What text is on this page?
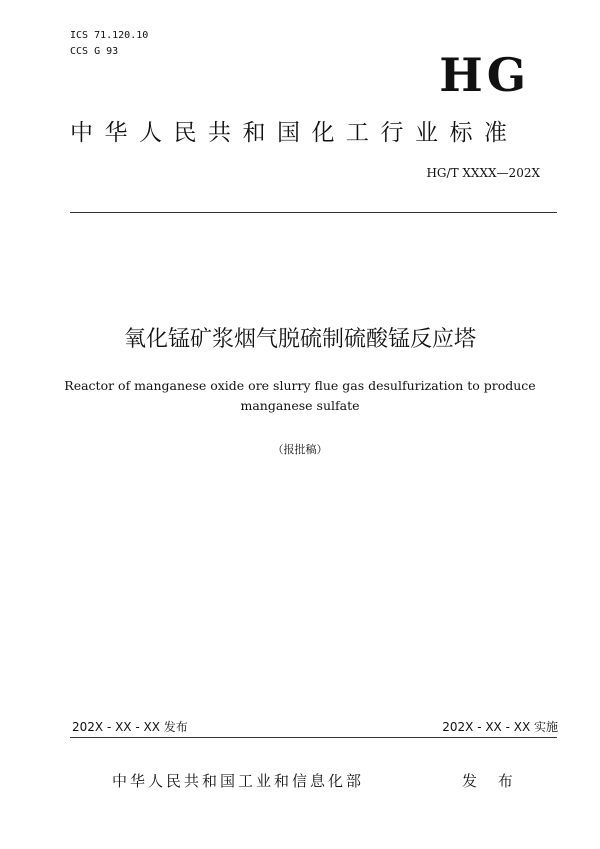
ICS 71.120.10
CCS G 93	HG
中华人民共和国化工行业标准
HG/T XXXX—202X
氧化锰矿浆烟气脱硫制硫酸锰反应塔
Reactor of manganese oxide ore slurry flue gas desulfurization to produce manganese sulfate
（报批稿）
202X - XX - XX 发布	202X - XX - XX 实施
中华人民共和国工业和信息化部	发 布
